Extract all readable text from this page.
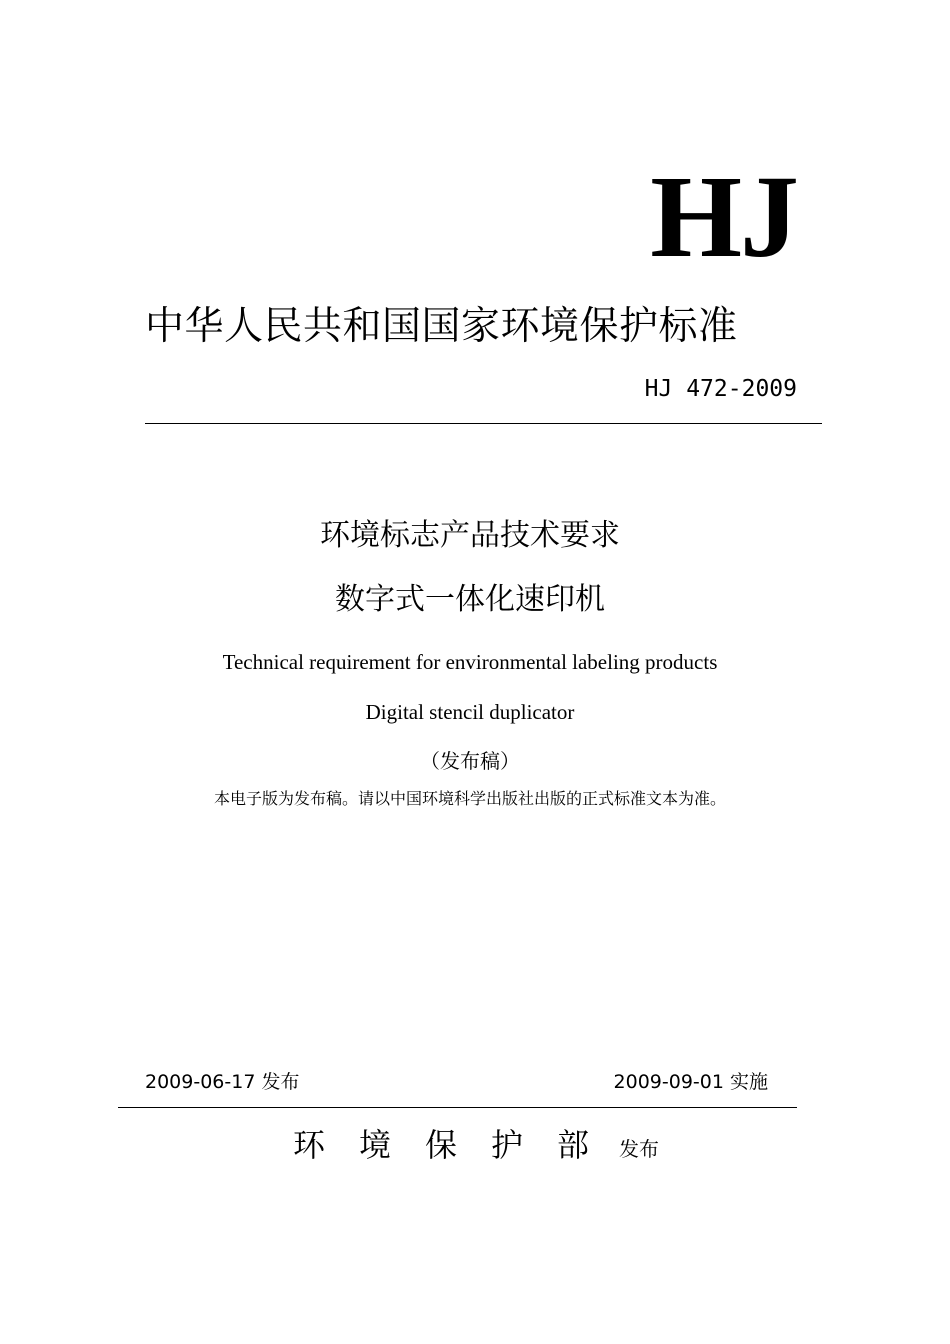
HJ
中华人民共和国国家环境保护标准
HJ 472-2009
环境标志产品技术要求
数字式一体化速印机
Technical requirement for environmental labeling products
Digital stencil duplicator
（发布稿）
本电子版为发布稿。请以中国环境科学出版社出版的正式标准文本为准。
2009-06-17 发布	2009-09-01 实施
环境保护部发布
